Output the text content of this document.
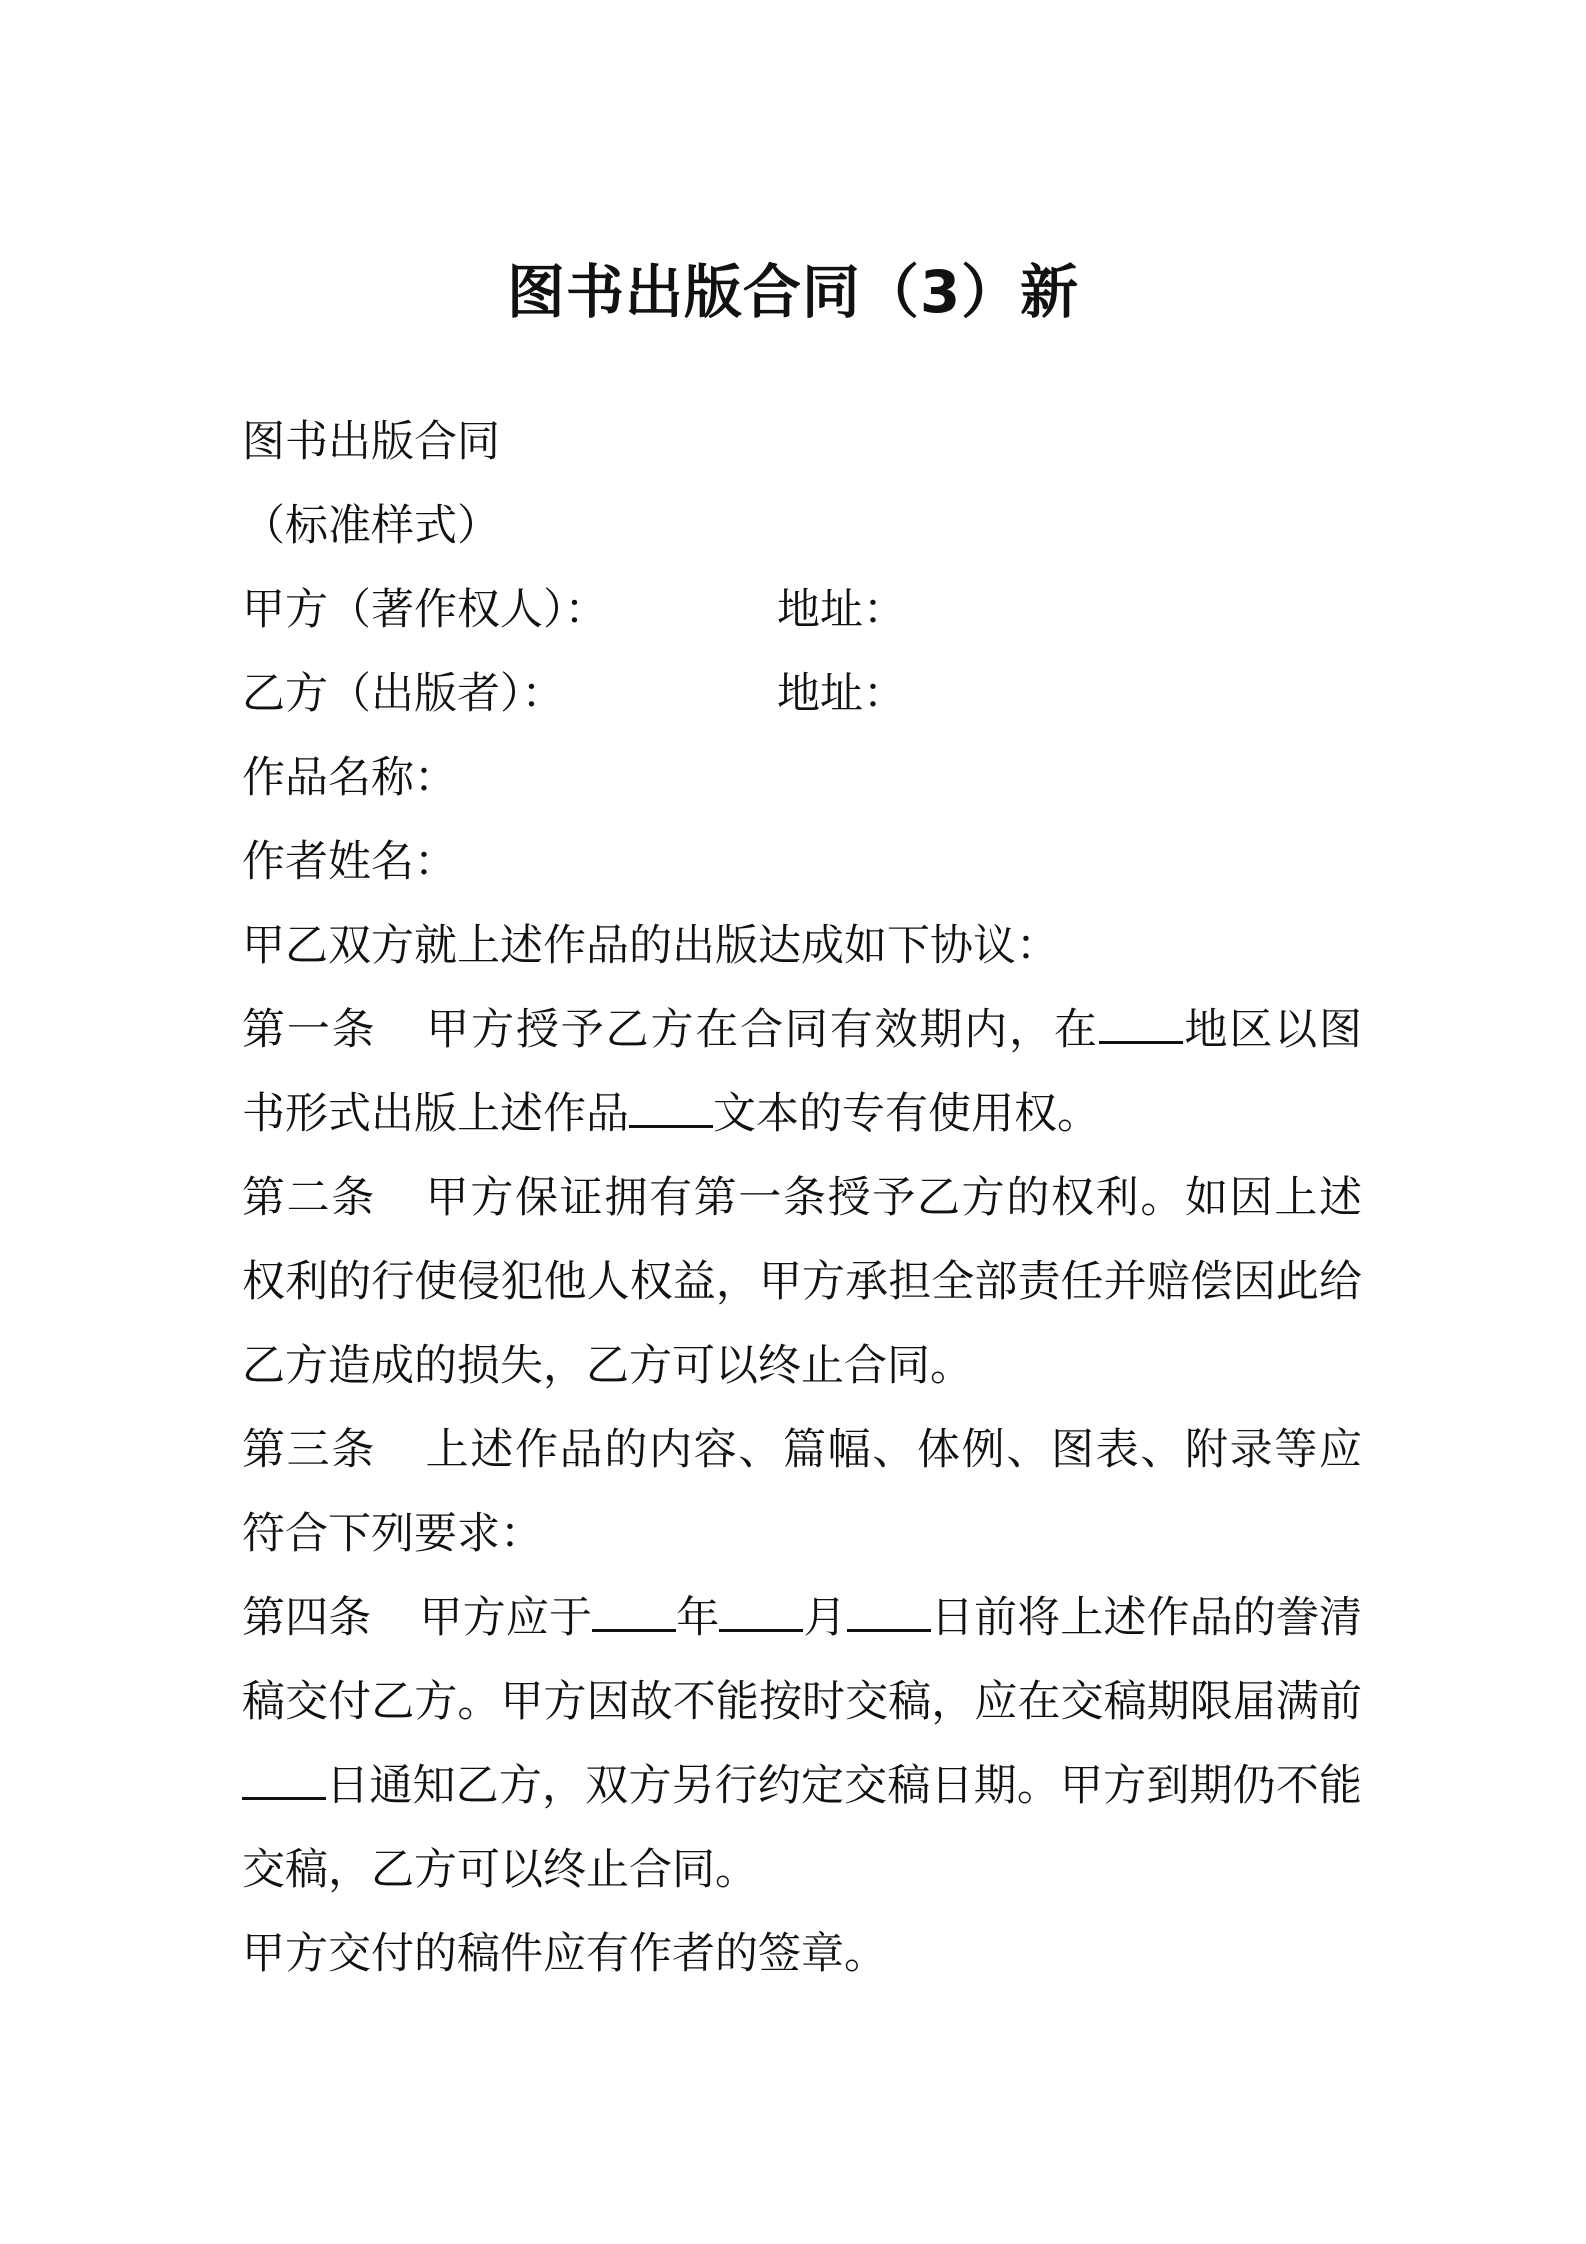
图书出版合同（3）新
图书出版合同
（标准样式）
甲方（著作权人）：	地址：
乙方（出版者）：	地址：
作品名称：
作者姓名：
甲乙双方就上述作品的出版达成如下协议：
第一条 甲方授予乙方在合同有效期内，在 地区以图书形式出版上述作品 文本的专有使用权。
第二条 甲方保证拥有第一条授予乙方的权利。如因上述权利的行使侵犯他人权益，甲方承担全部责任并赔偿因此给乙方造成的损失，乙方可以终止合同。
第三条 上述作品的内容、篇幅、体例、图表、附录等应符合下列要求：
第四条 甲方应于 年 月 日前将上述作品的誊清稿交付乙方。甲方因故不能按时交稿，应在交稿期限届满前日通知乙方，双方另行约定交稿日期。甲方到期仍不能交稿，乙方可以终止合同。
甲方交付的稿件应有作者的签章。
